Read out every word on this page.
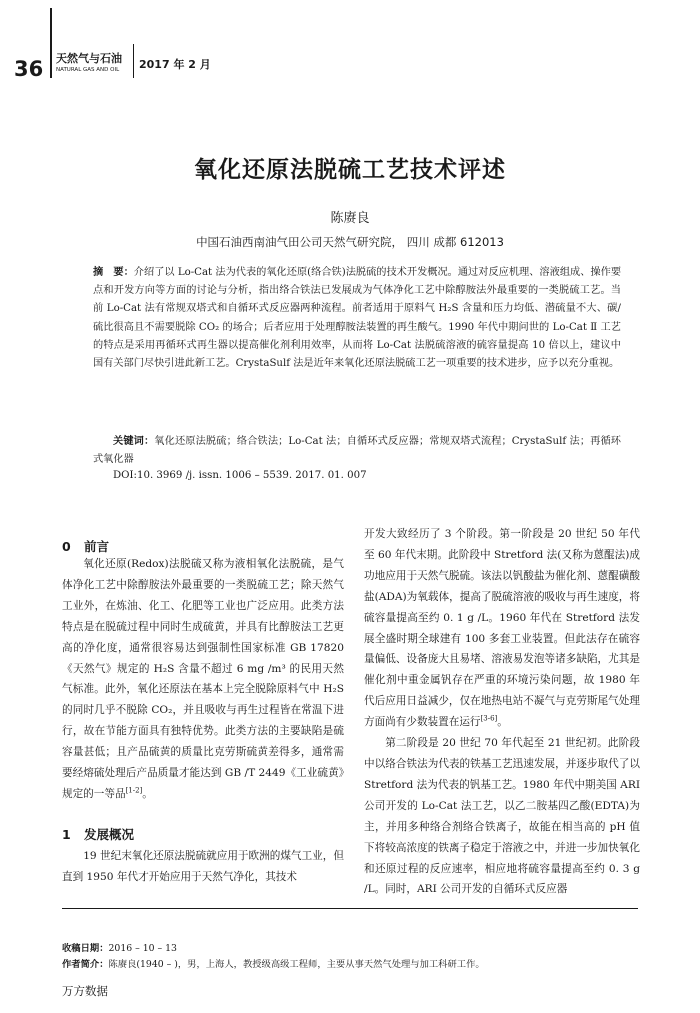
36 天然气与石油
NATURAL GAS AND OIL 2017 年 2 月
氧化还原法脱硫工艺技术评述
陈赓良
中国石油西南油气田公司天然气研究院， 四川 成都 612013
摘　要：介绍了以 Lo-Cat 法为代表的氧化还原(络合铁)法脱硫的技术开发概况。通过对反应机理、溶液组成、操作要点和开发方向等方面的讨论与分析，指出络合铁法已发展成为气体净化工艺中除醇胺法外最重要的一类脱硫工艺。当前 Lo-Cat 法有常规双塔式和自循环式反应器两种流程。前者适用于原料气 H₂S 含量和压力均低、潜硫量不大、碳/硫比很高且不需要脱除 CO₂ 的场合；后者应用于处理醇胺法装置的再生酸气。1990 年代中期问世的 Lo-Cat Ⅱ 工艺的特点是采用再循环式再生器以提高催化剂利用效率，从而将 Lo-Cat 法脱硫溶液的硫容量提高 10 倍以上，建议中国有关部门尽快引进此新工艺。CrystaSulf 法是近年来氧化还原法脱硫工艺一项重要的技术进步，应予以充分重视。
关键词：氧化还原法脱硫；络合铁法；Lo-Cat 法；自循环式反应器；常规双塔式流程；CrystaSulf 法；再循环式氧化器
DOI:10. 3969 /j. issn. 1006 – 5539. 2017. 01. 007
0 前言

氧化还原(Redox)法脱硫又称为液相氧化法脱硫，是气体净化工艺中除醇胺法外最重要的一类脱硫工艺；除天然气工业外，在炼油、化工、化肥等工业也广泛应用。此类方法特点是在脱硫过程中同时生成硫黄，并具有比醇胺法工艺更高的净化度，通常很容易达到强制性国家标准 GB 17820《天然气》规定的 H₂S 含量不超过 6 mg /m³ 的民用天然气标准。此外，氧化还原法在基本上完全脱除原料气中 H₂S 的同时几乎不脱除 CO₂，并且吸收与再生过程皆在常温下进行，故在节能方面具有独特优势。此类方法的主要缺陷是硫容量甚低；且产品硫黄的质量比克劳斯硫黄差得多，通常需要经熔硫处理后产品质量才能达到 GB /T 2449《工业硫黄》规定的一等品[1-2]。

1 发展概况

19 世纪末氧化还原法脱硫就应用于欧洲的煤气工业，但直到 1950 年代才开始应用于天然气净化，其技术

开发大致经历了 3 个阶段。第一阶段是 20 世纪 50 年代至 60 年代末期。此阶段中 Stretford 法(又称为蒽醌法)成功地应用于天然气脱硫。该法以钒酸盐为催化剂、蒽醌磺酸盐(ADA)为氧载体，提高了脱硫溶液的吸收与再生速度，将硫容量提高至约 0. 1 g /L。1960 年代在 Stretford 法发展全盛时期全球建有 100 多套工业装置。但此法存在硫容量偏低、设备庞大且易堵、溶液易发泡等诸多缺陷，尤其是催化剂中重金属钒存在严重的环境污染问题，故 1980 年代后应用日益减少，仅在地热电站不凝气与克劳斯尾气处理方面尚有少数装置在运行[3-6]。

第二阶段是 20 世纪 70 年代起至 21 世纪初。此阶段中以络合铁法为代表的铁基工艺迅速发展，并逐步取代了以 Stretford 法为代表的钒基工艺。1980 年代中期美国 ARI 公司开发的 Lo-Cat 法工艺，以乙二胺基四乙酸(EDTA)为主，并用多种络合剂络合铁离子，故能在相当高的 pH 值下将较高浓度的铁离子稳定于溶液之中，并进一步加快氧化和还原过程的反应速率，相应地将硫容量提高至约 0. 3 g /L。同时，ARI 公司开发的自循环式反应器

收稿日期：2016 – 10 – 13
作者简介：陈赓良(1940 – )，男，上海人，教授级高级工程师，主要从事天然气处理与加工科研工作。
万方数据
